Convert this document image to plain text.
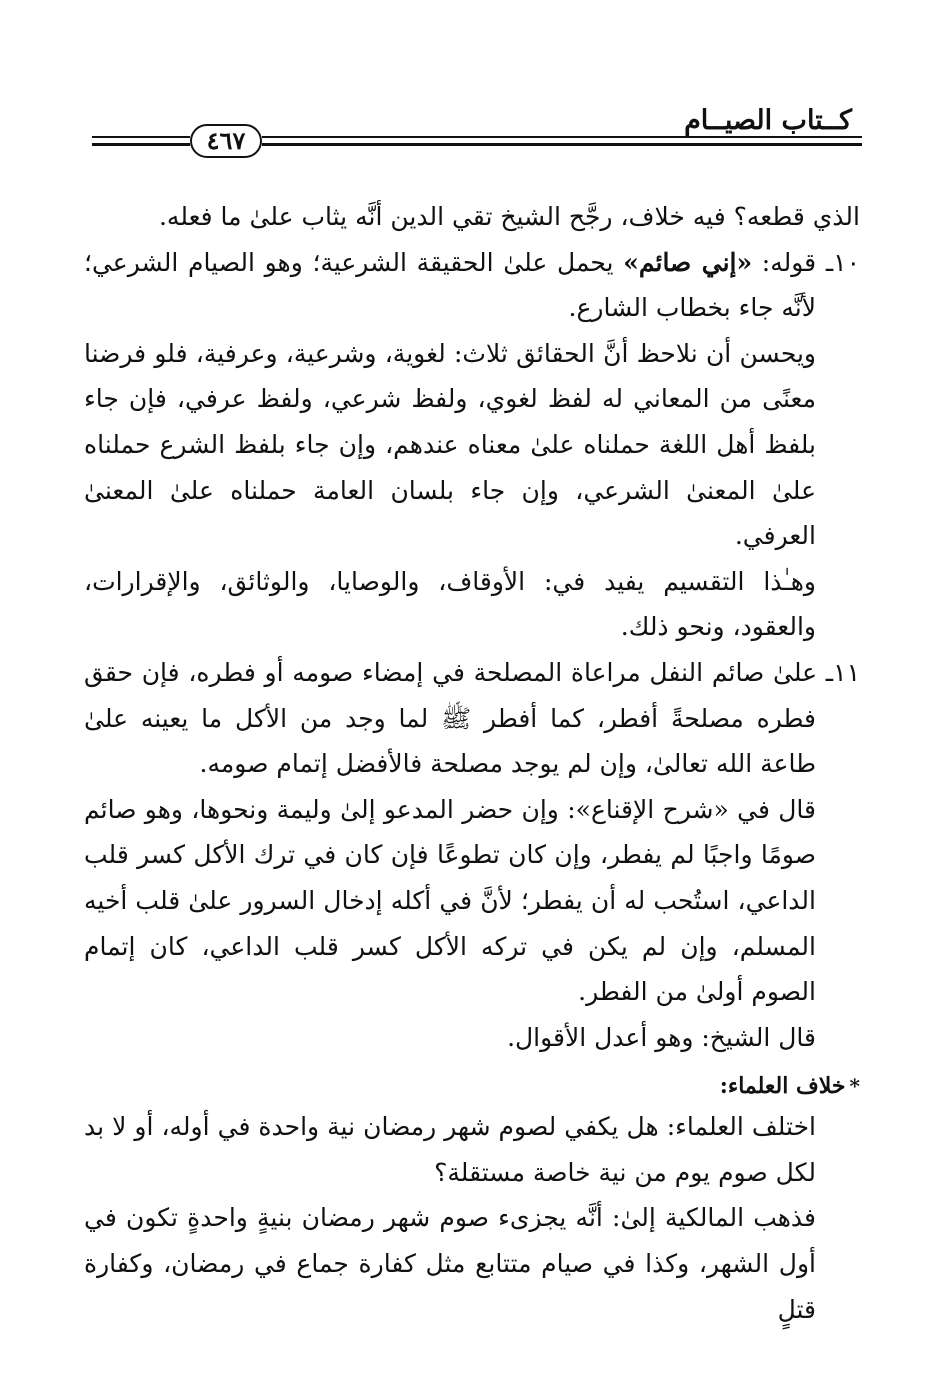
كــتاب الصيــام
٤٦٧

الذي قطعه؟ فيه خلاف، رجَّح الشيخ تقي الدين أنَّه يثاب علىٰ ما فعله.

١٠ـ قوله: «إني صائم» يحمل علىٰ الحقيقة الشرعية؛ وهو الصيام الشرعي؛ لأنَّه جاء بخطاب الشارع.

ويحسن أن نلاحظ أنَّ الحقائق ثلاث: لغوية، وشرعية، وعرفية، فلو فرضنا معنًى من المعاني له لفظ لغوي، ولفظ شرعي، ولفظ عرفي، فإن جاء بلفظ أهل اللغة حملناه علىٰ معناه عندهم، وإن جاء بلفظ الشرع حملناه علىٰ المعنىٰ الشرعي، وإن جاء بلسان العامة حملناه علىٰ المعنىٰ العرفي.

وهـٰذا التقسيم يفيد في: الأوقاف، والوصايا، والوثائق، والإقرارات، والعقود، ونحو ذلك.

١١ـ علىٰ صائم النفل مراعاة المصلحة في إمضاء صومه أو فطره، فإن حقق فطره مصلحةً أفطر، كما أفطر ﷺ لما وجد من الأكل ما يعينه علىٰ طاعة الله تعالىٰ، وإن لم يوجد مصلحة فالأفضل إتمام صومه.

قال في «شرح الإقناع»: وإن حضر المدعو إلىٰ وليمة ونحوها، وهو صائم صومًا واجبًا لم يفطر، وإن كان تطوعًا فإن كان في ترك الأكل كسر قلب الداعي، استُحب له أن يفطر؛ لأنَّ في أكله إدخال السرور علىٰ قلب أخيه المسلم، وإن لم يكن في تركه الأكل كسر قلب الداعي، كان إتمام الصوم أولىٰ من الفطر.

قال الشيخ: وهو أعدل الأقوال.

*خلاف العلماء:

اختلف العلماء: هل يكفي لصوم شهر رمضان نية واحدة في أوله، أو لا بد لكل صوم يوم من نية خاصة مستقلة؟

فذهب المالكية إلىٰ: أنَّه يجزىء صوم شهر رمضان بنيةٍ واحدةٍ تكون في أول الشهر، وكذا في صيام متتابع مثل كفارة جماع في رمضان، وكفارة قتلٍ
